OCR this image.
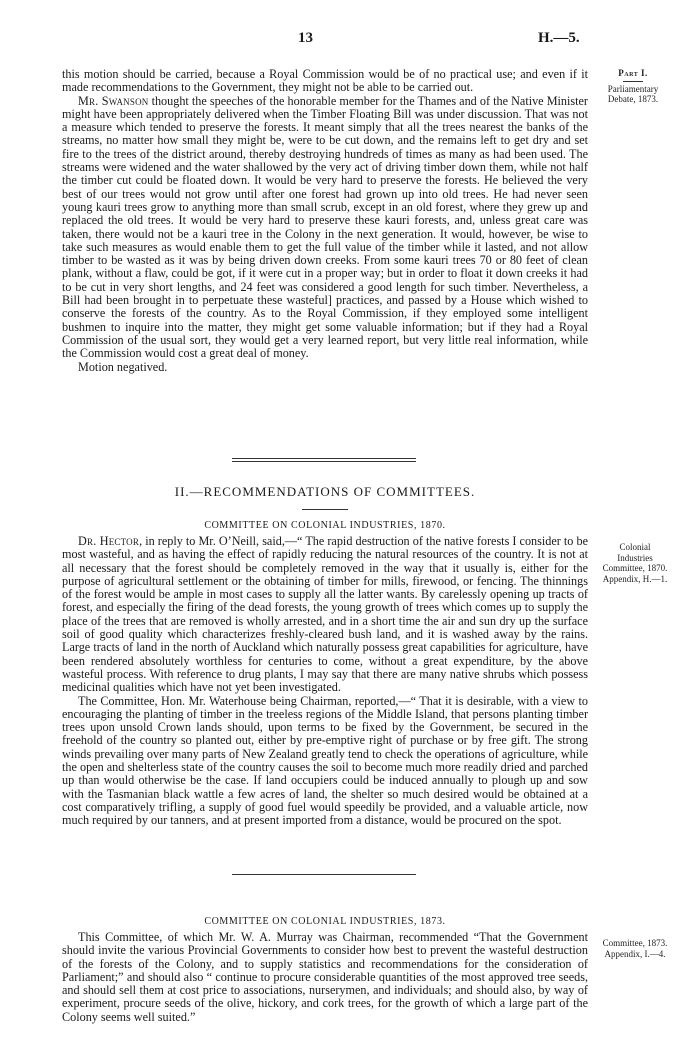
13	H.—5.
Part I.
Parliamentary
Debate, 1873.
Colonial
Industries
Committee, 1870.
Appendix, H.—1.
Committee, 1873.
Appendix, I.—4.

this motion should be carried, because a Royal Commission would be of no practical use; and even if it made recommendations to the Government, they might not be able to be carried out.

Mr. Swanson thought the speeches of the honorable member for the Thames and of the Native Minister might have been appropriately delivered when the Timber Floating Bill was under discussion. That was not a measure which tended to preserve the forests. It meant simply that all the trees nearest the banks of the streams, no matter how small they might be, were to be cut down, and the remains left to get dry and set fire to the trees of the district around, thereby destroying hundreds of times as many as had been used. The streams were widened and the water shallowed by the very act of driving timber down them, while not half the timber cut could be floated down. It would be very hard to preserve the forests. He believed the very best of our trees would not grow until after one forest had grown up into old trees. He had never seen young kauri trees grow to anything more than small scrub, except in an old forest, where they grew up and replaced the old trees. It would be very hard to preserve these kauri forests, and, unless great care was taken, there would not be a kauri tree in the Colony in the next generation. It would, however, be wise to take such measures as would enable them to get the full value of the timber while it lasted, and not allow timber to be wasted as it was by being driven down creeks. From some kauri trees 70 or 80 feet of clean plank, without a flaw, could be got, if it were cut in a proper way; but in order to float it down creeks it had to be cut in very short lengths, and 24 feet was considered a good length for such timber. Nevertheless, a Bill had been brought in to perpetuate these wasteful] practices, and passed by a House which wished to conserve the forests of the country. As to the Royal Commission, if they employed some intelligent bushmen to inquire into the matter, they might get some valuable information; but if they had a Royal Commission of the usual sort, they would get a very learned report, but very little real information, while the Commission would cost a great deal of money.

Motion negatived.

II.—RECOMMENDATIONS OF COMMITTEES.
COMMITTEE ON COLONIAL INDUSTRIES, 1870.

Dr. Hector, in reply to Mr. O’Neill, said,—“ The rapid destruction of the native forests I consider to be most wasteful, and as having the effect of rapidly reducing the natural resources of the country. It is not at all necessary that the forest should be completely removed in the way that it usually is, either for the purpose of agricultural settlement or the obtaining of timber for mills, firewood, or fencing. The thinnings of the forest would be ample in most cases to supply all the latter wants. By carelessly opening up tracts of forest, and especially the firing of the dead forests, the young growth of trees which comes up to supply the place of the trees that are removed is wholly arrested, and in a short time the air and sun dry up the surface soil of good quality which characterizes freshly-cleared bush land, and it is washed away by the rains. Large tracts of land in the north of Auckland which naturally possess great capabilities for agriculture, have been rendered absolutely worthless for centuries to come, without a great expenditure, by the above wasteful process. With reference to drug plants, I may say that there are many native shrubs which possess medicinal qualities which have not yet been investigated.

The Committee, Hon. Mr. Waterhouse being Chairman, reported,—“ That it is desirable, with a view to encouraging the planting of timber in the treeless regions of the Middle Island, that persons planting timber trees upon unsold Crown lands should, upon terms to be fixed by the Government, be secured in the freehold of the country so planted out, either by pre-emptive right of purchase or by free gift. The strong winds prevailing over many parts of New Zealand greatly tend to check the operations of agriculture, while the open and shelterless state of the country causes the soil to become much more readily dried and parched up than would otherwise be the case. If land occupiers could be induced annually to plough up and sow with the Tasmanian black wattle a few acres of land, the shelter so much desired would be obtained at a cost comparatively trifling, a supply of good fuel would speedily be provided, and a valuable article, now much required by our tanners, and at present imported from a distance, would be procured on the spot.

COMMITTEE ON COLONIAL INDUSTRIES, 1873.

This Committee, of which Mr. W. A. Murray was Chairman, recommended “That the Government should invite the various Provincial Governments to consider how best to prevent the wasteful destruction of the forests of the Colony, and to supply statistics and recommendations for the consideration of Parliament;” and should also “ continue to procure considerable quantities of the most approved tree seeds, and should sell them at cost price to associations, nurserymen, and individuals; and should also, by way of experiment, procure seeds of the olive, hickory, and cork trees, for the growth of which a large part of the Colony seems well suited.”
